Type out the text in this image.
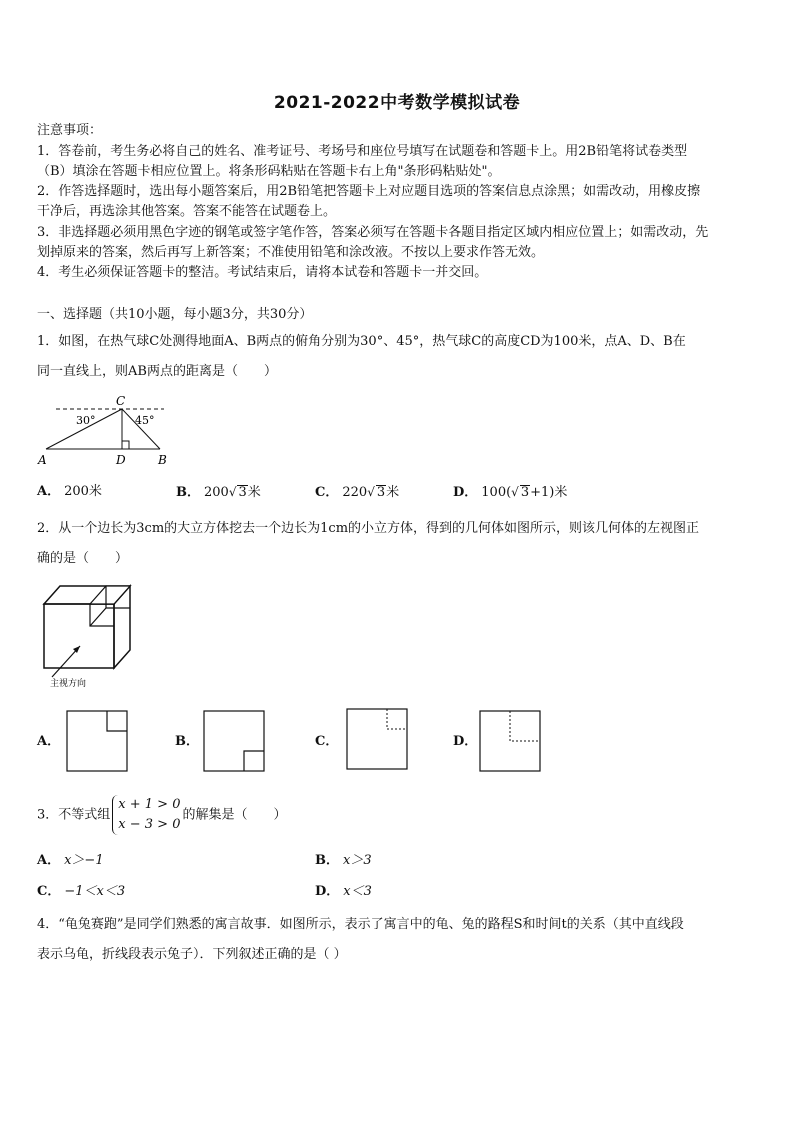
2021-2022中考数学模拟试卷
注意事项：
1．答卷前，考生务必将自己的姓名、准考证号、考场号和座位号填写在试题卷和答题卡上。用2B铅笔将试卷类型
（B）填涂在答题卡相应位置上。将条形码粘贴在答题卡右上角"条形码粘贴处"。
2．作答选择题时，选出每小题答案后，用2B铅笔把答题卡上对应题目选项的答案信息点涂黑；如需改动，用橡皮擦
干净后，再选涂其他答案。答案不能答在试题卷上。
3．非选择题必须用黑色字迹的钢笔或签字笔作答，答案必须写在答题卡各题目指定区域内相应位置上；如需改动，先
划掉原来的答案，然后再写上新答案；不准使用铅笔和涂改液。不按以上要求作答无效。
4．考生必须保证答题卡的整洁。考试结束后，请将本试卷和答题卡一并交回。
一、选择题（共10小题，每小题3分，共30分）
1．如图，在热气球C处测得地面A、B两点的俯角分别为30°、45°，热气球C的高度CD为100米，点A、D、B在
同一直线上，则AB两点的距离是（　　）
C
A	D	B
30°	45°
A． 200米	B． 200√ 3米	C． 220√ 3米	D． 100(√ 3+1)米
2．从一个边长为3cm的大立方体挖去一个边长为1cm的小立方体，得到的几何体如图所示，则该几何体的左视图正
确的是（　　）
主视方向
A．	B．	C．	D．
3．不等式组x + 1 > 0
x − 3 > 0的解集是（　　）
A． x＞−1	B． x＞3
C． −1＜x＜3	D． x＜3
4．“龟兔赛跑”是同学们熟悉的寓言故事．如图所示，表示了寓言中的龟、兔的路程S和时间t的关系（其中直线段
表示乌龟，折线段表示兔子）．下列叙述正确的是（ ）
